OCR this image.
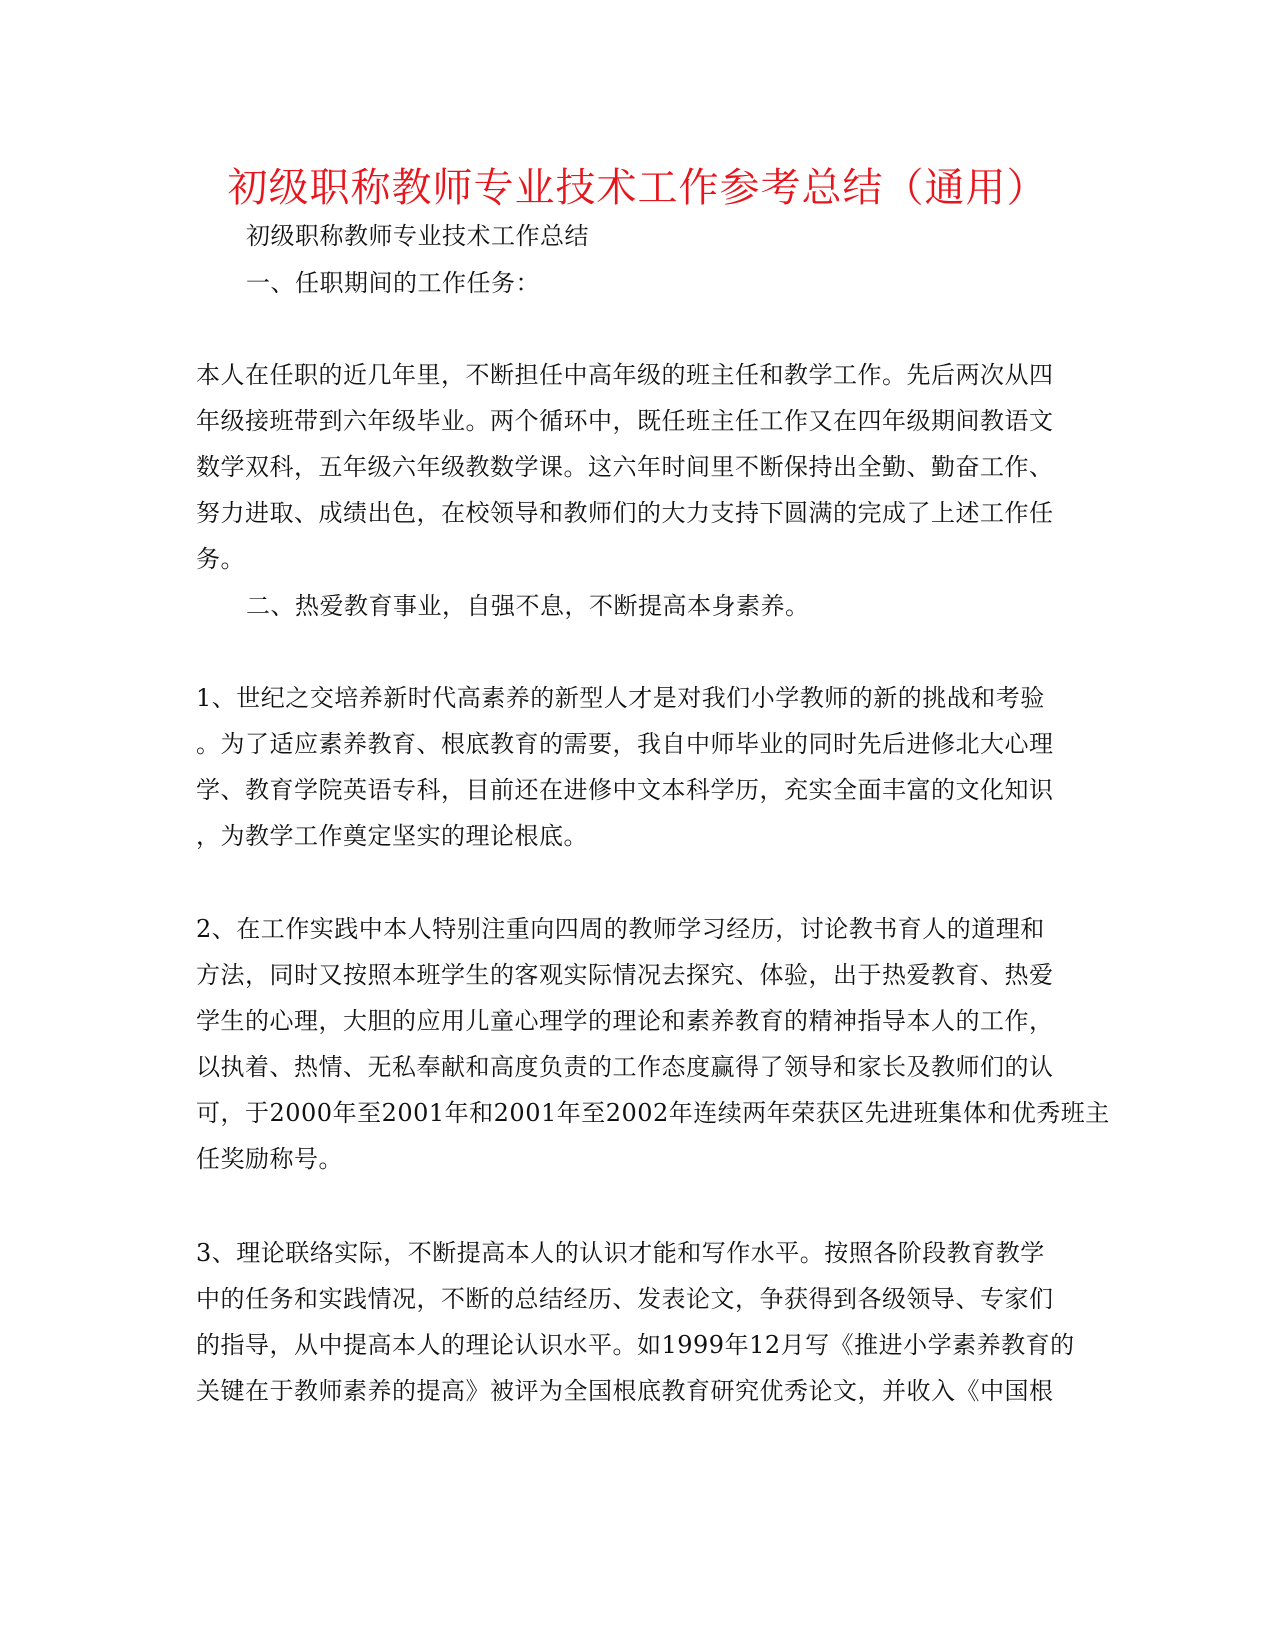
初级职称教师专业技术工作参考总结（通用）
初级职称教师专业技术工作总结
一、任职期间的工作任务：
本人在任职的近几年里，不断担任中高年级的班主任和教学工作。先后两次从四
年级接班带到六年级毕业。两个循环中，既任班主任工作又在四年级期间教语文
数学双科，五年级六年级教数学课。这六年时间里不断保持出全勤、勤奋工作、
努力进取、成绩出色，在校领导和教师们的大力支持下圆满的完成了上述工作任
务。
二、热爱教育事业，自强不息，不断提高本身素养。
1、世纪之交培养新时代高素养的新型人才是对我们小学教师的新的挑战和考验
。为了适应素养教育、根底教育的需要，我自中师毕业的同时先后进修北大心理
学、教育学院英语专科，目前还在进修中文本科学历，充实全面丰富的文化知识
，为教学工作奠定坚实的理论根底。
2、在工作实践中本人特别注重向四周的教师学习经历，讨论教书育人的道理和
方法，同时又按照本班学生的客观实际情况去探究、体验，出于热爱教育、热爱
学生的心理，大胆的应用儿童心理学的理论和素养教育的精神指导本人的工作，
以执着、热情、无私奉献和高度负责的工作态度赢得了领导和家长及教师们的认
可，于2000年至2001年和2001年至2002年连续两年荣获区先进班集体和优秀班主
任奖励称号。
3、理论联络实际，不断提高本人的认识才能和写作水平。按照各阶段教育教学
中的任务和实践情况，不断的总结经历、发表论文，争获得到各级领导、专家们
的指导，从中提高本人的理论认识水平。如1999年12月写《推进小学素养教育的
关键在于教师素养的提高》被评为全国根底教育研究优秀论文，并收入《中国根
